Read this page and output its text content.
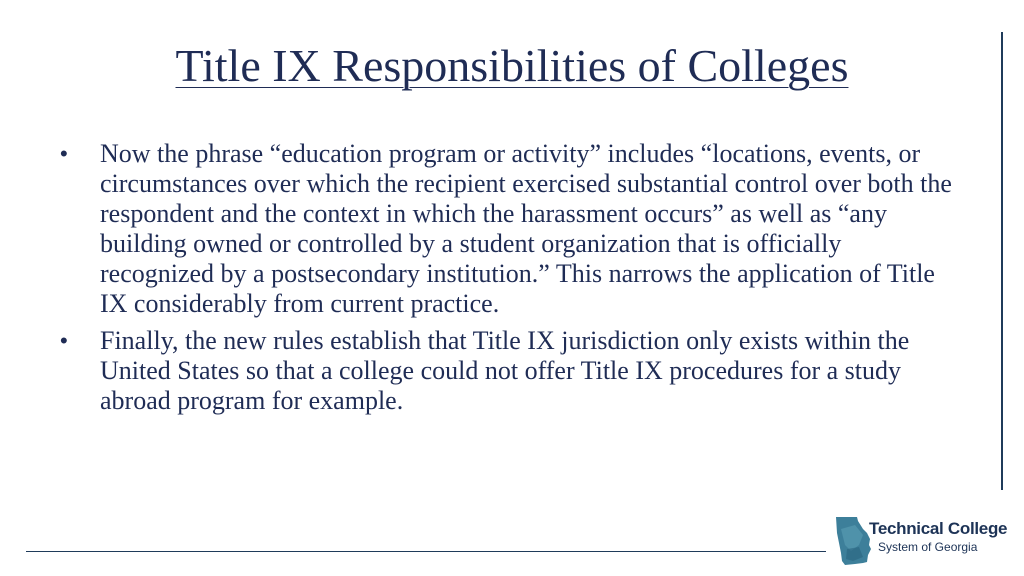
Title IX Responsibilities of Colleges
• Now the phrase “education program or activity” includes “locations, events, or circumstances over which the recipient exercised substantial control over both the respondent and the context in which the harassment occurs” as well as “any building owned or controlled by a student organization that is officially recognized by a postsecondary institution.” This narrows the application of Title IX considerably from current practice.
• Finally, the new rules establish that Title IX jurisdiction only exists within the United States so that a college could not offer Title IX procedures for a study abroad program for example.
Technical College
System of Georgia
